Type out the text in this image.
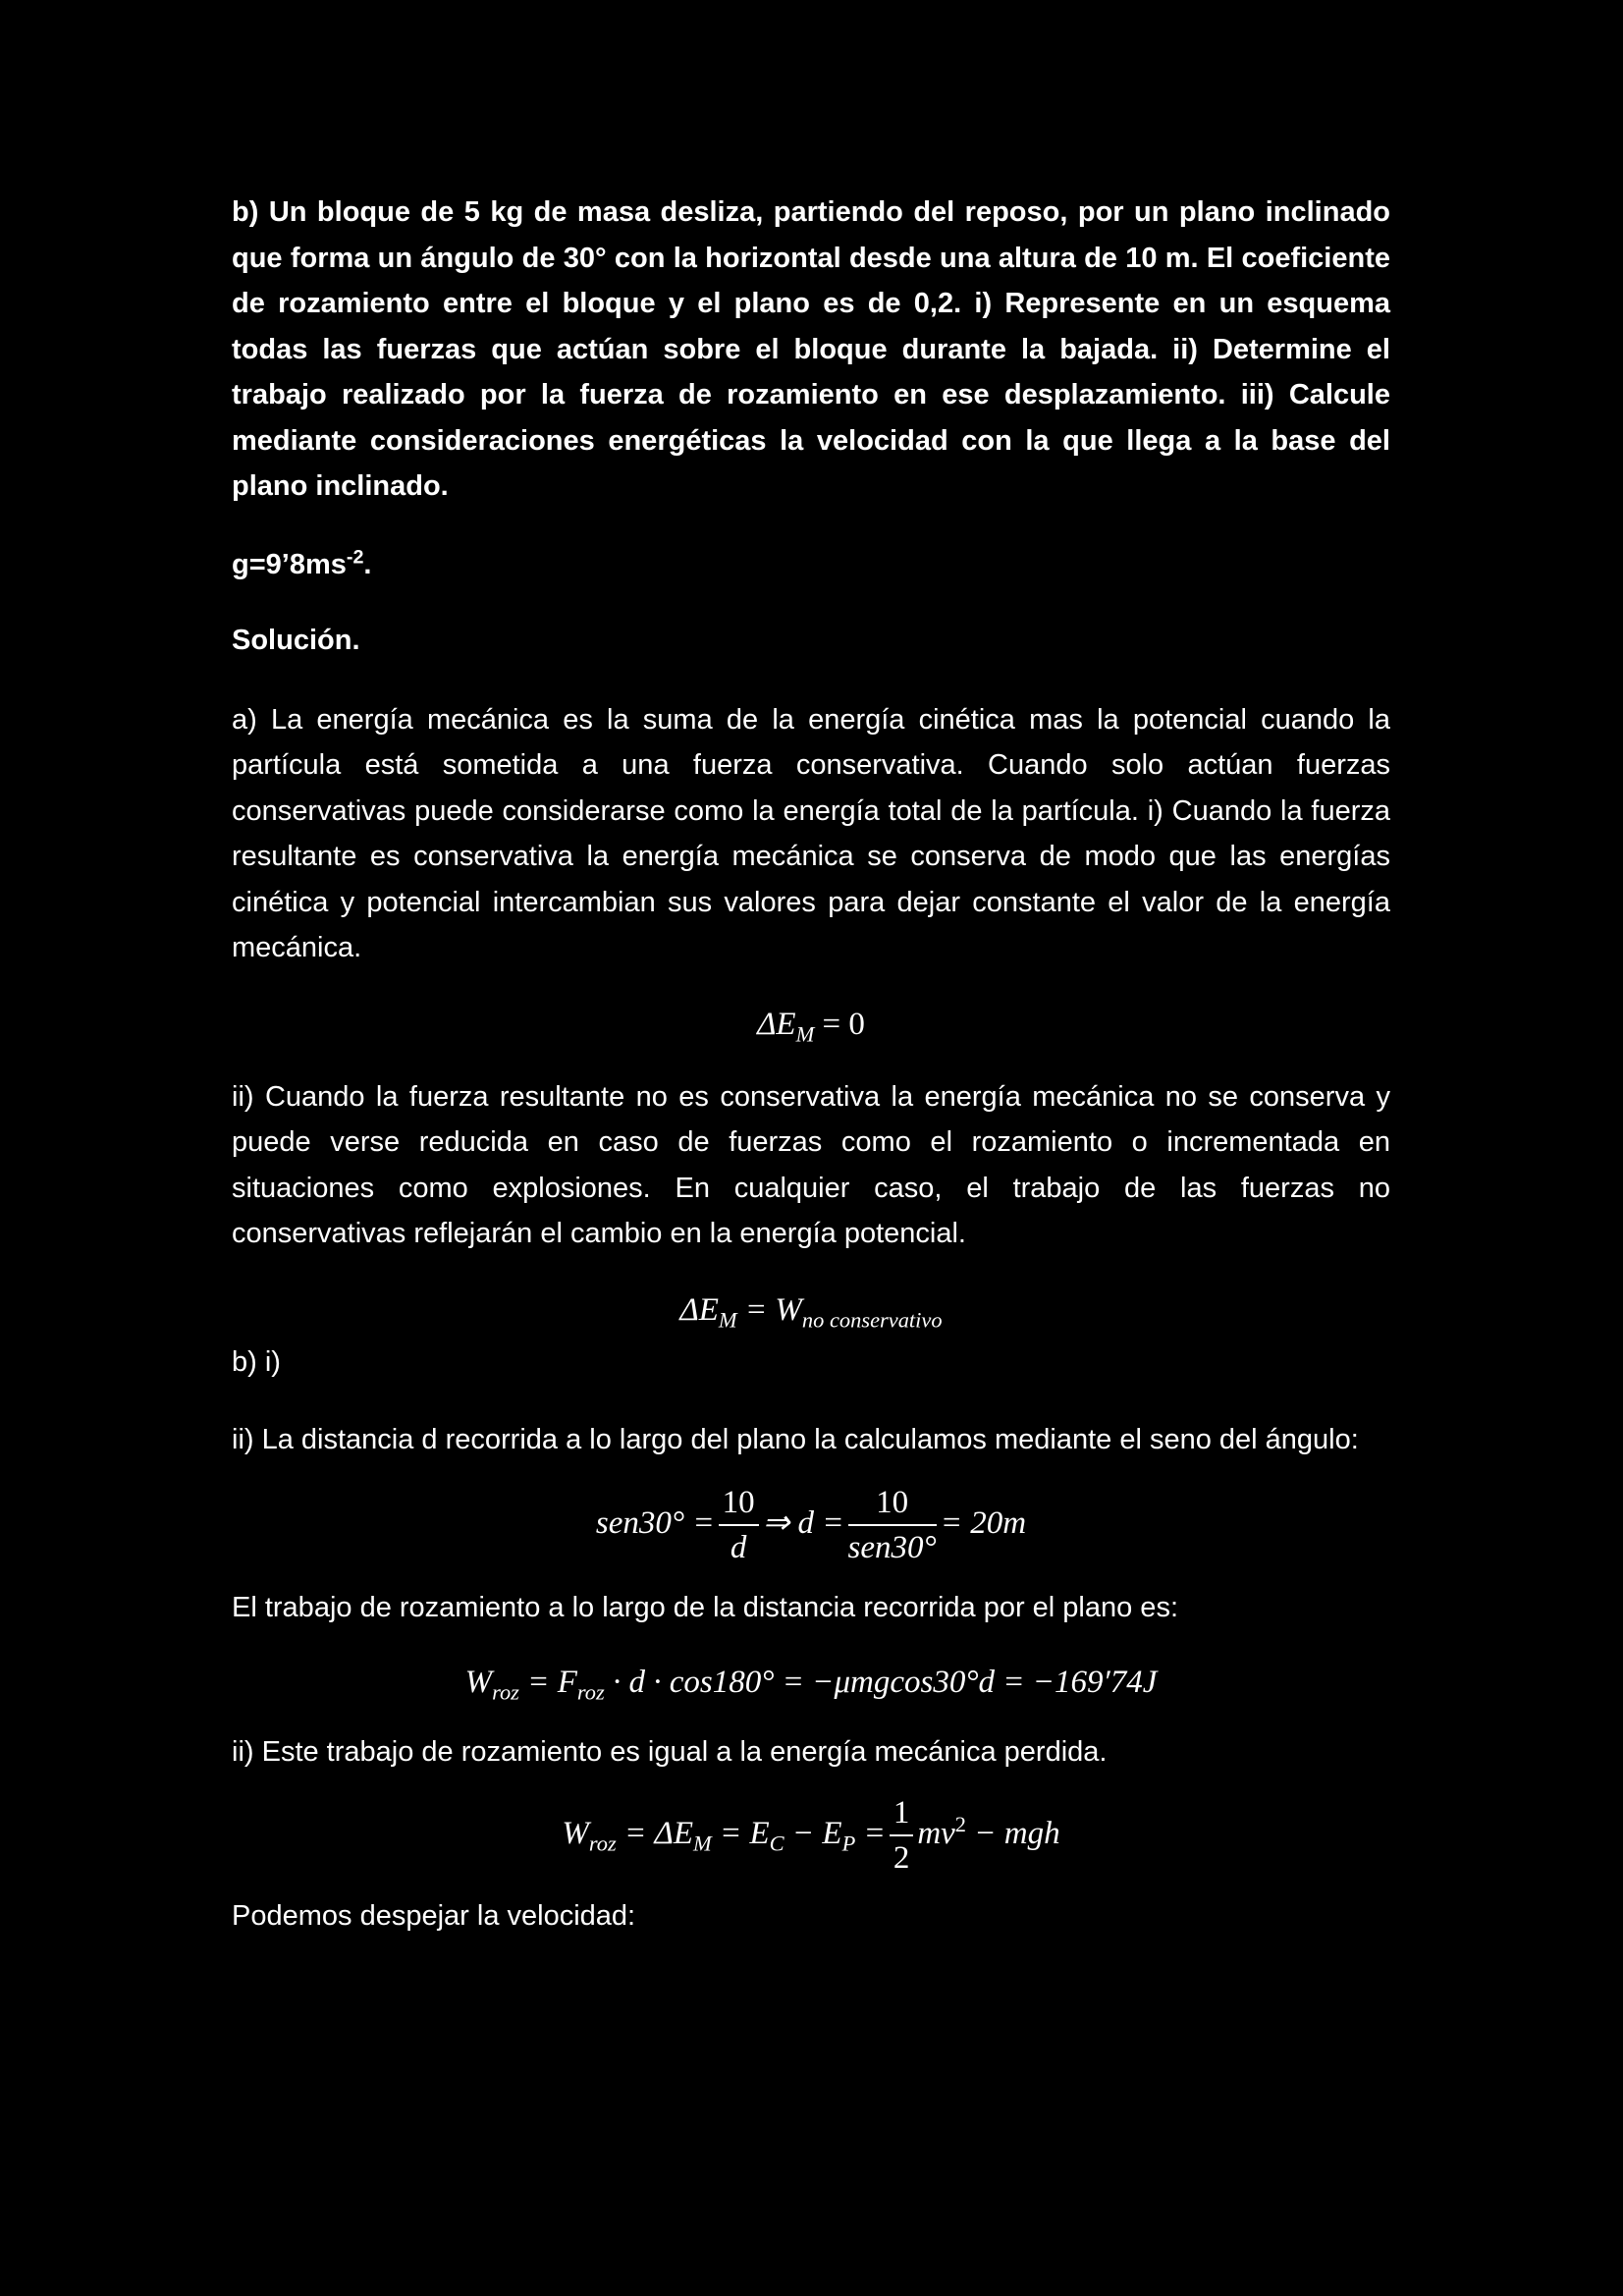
b) Un bloque de 5 kg de masa desliza, partiendo del reposo, por un plano inclinado que forma un ángulo de 30° con la horizontal desde una altura de 10 m. El coeficiente de rozamiento entre el bloque y el plano es de 0,2. i) Represente en un esquema todas las fuerzas que actúan sobre el bloque durante la bajada. ii) Determine el trabajo realizado por la fuerza de rozamiento en ese desplazamiento. iii) Calcule mediante consideraciones energéticas la velocidad con la que llega a la base del plano inclinado.

$g=9’8ms^{-2}$.

Solución.

a) La energía mecánica es la suma de la energía cinética mas la potencial cuando la partícula está sometida a una fuerza conservativa. Cuando solo actúan fuerzas conservativas puede considerarse como la energía total de la partícula. i) Cuando la fuerza resultante es conservativa la energía mecánica se conserva de modo que las energías cinética y potencial intercambian sus valores para dejar constante el valor de la energía mecánica.

$\Delta E_M = 0$

ii) Cuando la fuerza resultante no es conservativa la energía mecánica no se conserva y puede verse reducida en caso de fuerzas como el rozamiento o incrementada en situaciones como explosiones. En cualquier caso, el trabajo de las fuerzas no conservativas reflejarán el cambio en la energía potencial.

$\Delta E_M = W_{no conservativo}$

b) i)

ii) La distancia d recorrida a lo largo del plano la calculamos mediante el seno del ángulo:

$sen30^\circ = \frac{10}{d}$ ⇒ $d = \frac{10}{\text{sen30°}} = 20m$

El trabajo de rozamiento a lo largo de la distancia recorrida por el plano es:

$W_{roz} = F_{roz} \cdot d \cdot \cos 180^\circ = -\mu mgcos30^\circ d = -169'74J$

ii) Este trabajo de rozamiento es igual a la energía mecánica perdida.

$W_{roz} = \Delta E_M = E_C - E_P = \frac{1}{2} mv^2$ − mgh

Podemos despejar la velocidad:
